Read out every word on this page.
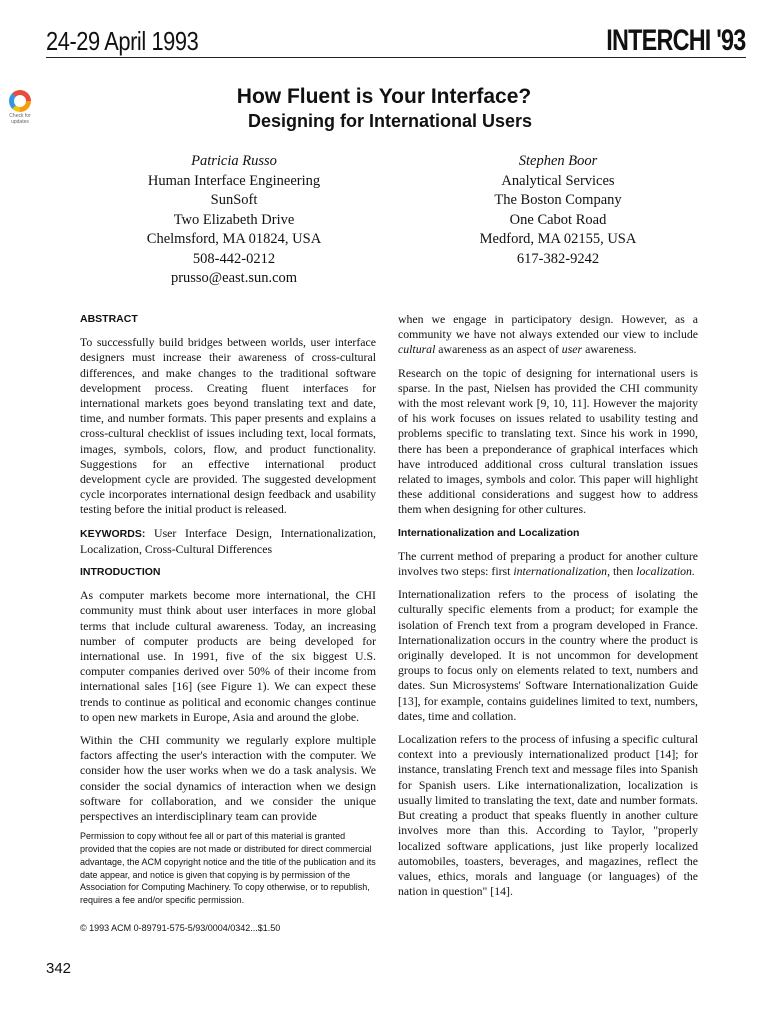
24-29 April 1993	INTERCHI '93
Check for updates
How Fluent is Your Interface?
Designing for International Users
Patricia Russo
Human Interface Engineering
SunSoft
Two Elizabeth Drive
Chelmsford, MA 01824, USA
508-442-0212
prusso@east.sun.com
Stephen Boor
Analytical Services
The Boston Company
One Cabot Road
Medford, MA 02155, USA
617-382-9242
ABSTRACT

To successfully build bridges between worlds, user interface designers must increase their awareness of cross-cultural differences, and make changes to the traditional software development process. Creating fluent interfaces for international markets goes beyond translating text and date, time, and number formats. This paper presents and explains a cross-cultural checklist of issues including text, local formats, images, symbols, colors, flow, and product functionality. Suggestions for an effective international product development cycle are provided. The suggested development cycle incorporates international design feedback and usability testing before the initial product is released.

KEYWORDS: User Interface Design, Internationalization, Localization, Cross-Cultural Differences

INTRODUCTION

As computer markets become more international, the CHI community must think about user interfaces in more global terms that include cultural awareness. Today, an increasing number of computer products are being developed for international use. In 1991, five of the six biggest U.S. computer companies derived over 50% of their income from international sales [16] (see Figure 1). We can expect these trends to continue as political and economic changes continue to open new markets in Europe, Asia and around the globe.

Within the CHI community we regularly explore multiple factors affecting the user's interaction with the computer. We consider how the user works when we do a task analysis. We consider the social dynamics of interaction when we design software for collaboration, and we consider the unique perspectives an interdisciplinary team can provide

Permission to copy without fee all or part of this material is granted provided that the copies are not made or distributed for direct commercial advantage, the ACM copyright notice and the title of the publication and its date appear, and notice is given that copying is by permission of the Association for Computing Machinery. To copy otherwise, or to republish, requires a fee and/or specific permission.
© 1993 ACM 0-89791-575-5/93/0004/0342...$1.50

when we engage in participatory design. However, as a community we have not always extended our view to include cultural awareness as an aspect of user awareness.

Research on the topic of designing for international users is sparse. In the past, Nielsen has provided the CHI community with the most relevant work [9, 10, 11]. However the majority of his work focuses on issues related to usability testing and problems specific to translating text. Since his work in 1990, there has been a preponderance of graphical interfaces which have introduced additional cross cultural translation issues related to images, symbols and color. This paper will highlight these additional considerations and suggest how to address them when designing for other cultures.

Internationalization and Localization

The current method of preparing a product for another culture involves two steps: first internationalization, then localization.

Internationalization refers to the process of isolating the culturally specific elements from a product; for example the isolation of French text from a program developed in France. Internationalization occurs in the country where the product is originally developed. It is not uncommon for development groups to focus only on elements related to text, numbers and dates. Sun Microsystems' Software Internationalization Guide [13], for example, contains guidelines limited to text, numbers, dates, time and collation.

Localization refers to the process of infusing a specific cultural context into a previously internationalized product [14]; for instance, translating French text and message files into Spanish for Spanish users. Like internationalization, localization is usually limited to translating the text, date and number formats. But creating a product that speaks fluently in another culture involves more than this. According to Taylor, "properly localized software applications, just like properly localized automobiles, toasters, beverages, and magazines, reflect the values, ethics, morals and language (or languages) of the nation in question" [14].

342
